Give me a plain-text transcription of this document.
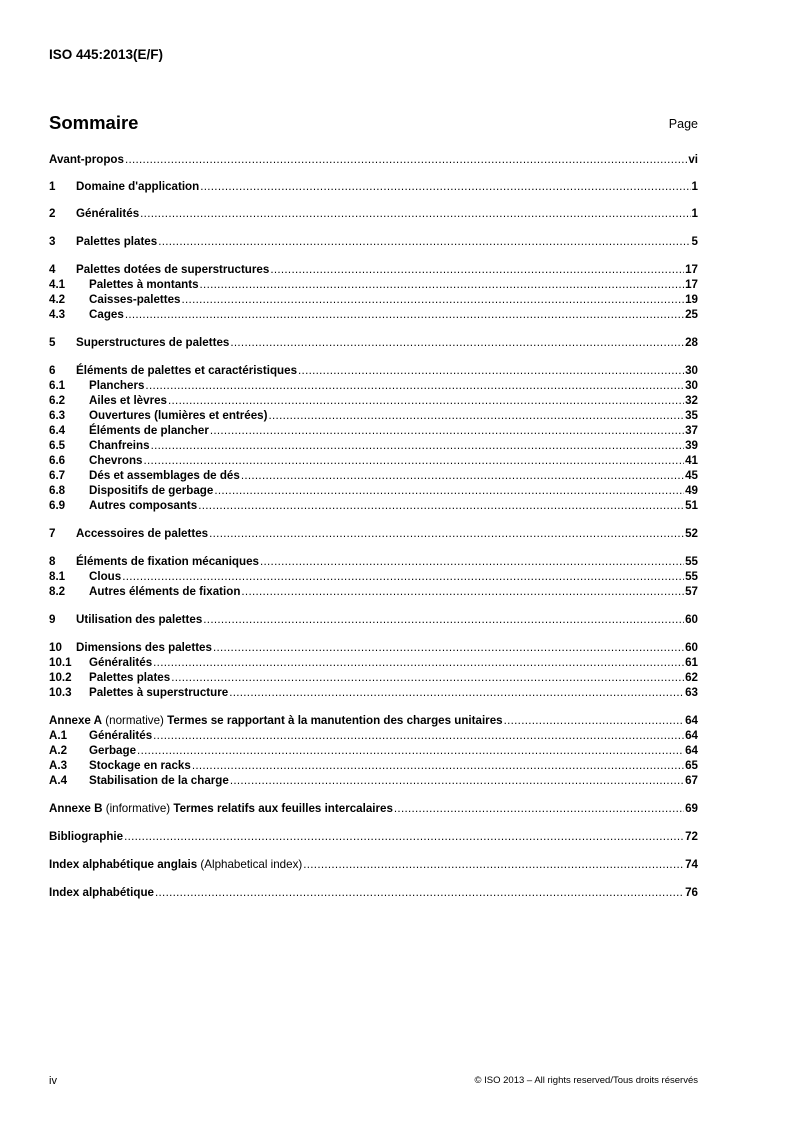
ISO 445:2013(E/F)
Sommaire	Page
Avant-propos .....	vi
1	Domaine d'application .....	1
2	Généralités .....	1
3	Palettes plates .....	5
4	Palettes dotées de superstructures .....	17
4.1	Palettes à montants .....	17
4.2	Caisses-palettes .....	19
4.3	Cages .....	25
5	Superstructures de palettes .....	28
6	Éléments de palettes et caractéristiques .....	30
6.1	Planchers .....	30
6.2	Ailes et lèvres .....	32
6.3	Ouvertures (lumières et entrées) .....	35
6.4	Éléments de plancher .....	37
6.5	Chanfreins .....	39
6.6	Chevrons .....	41
6.7	Dés et assemblages de dés .....	45
6.8	Dispositifs de gerbage .....	49
6.9	Autres composants .....	51
7	Accessoires de palettes .....	52
8	Éléments de fixation mécaniques .....	55
8.1	Clous .....	55
8.2	Autres éléments de fixation .....	57
9	Utilisation des palettes .....	60
10	Dimensions des palettes .....	60
10.1	Généralités .....	61
10.2	Palettes plates .....	62
10.3	Palettes à superstructure .....	63
Annexe A (normative) Termes se rapportant à la manutention des charges unitaires .....	64
A.1	Généralités .....	64
A.2	Gerbage .....	64
A.3	Stockage en racks .....	65
A.4	Stabilisation de la charge .....	67
Annexe B (informative) Termes relatifs aux feuilles intercalaires .....	69
Bibliographie .....	72
Index alphabétique anglais (Alphabetical index) .....	74
Index alphabétique .....	76
iv	© ISO 2013 – All rights reserved/Tous droits réservés
